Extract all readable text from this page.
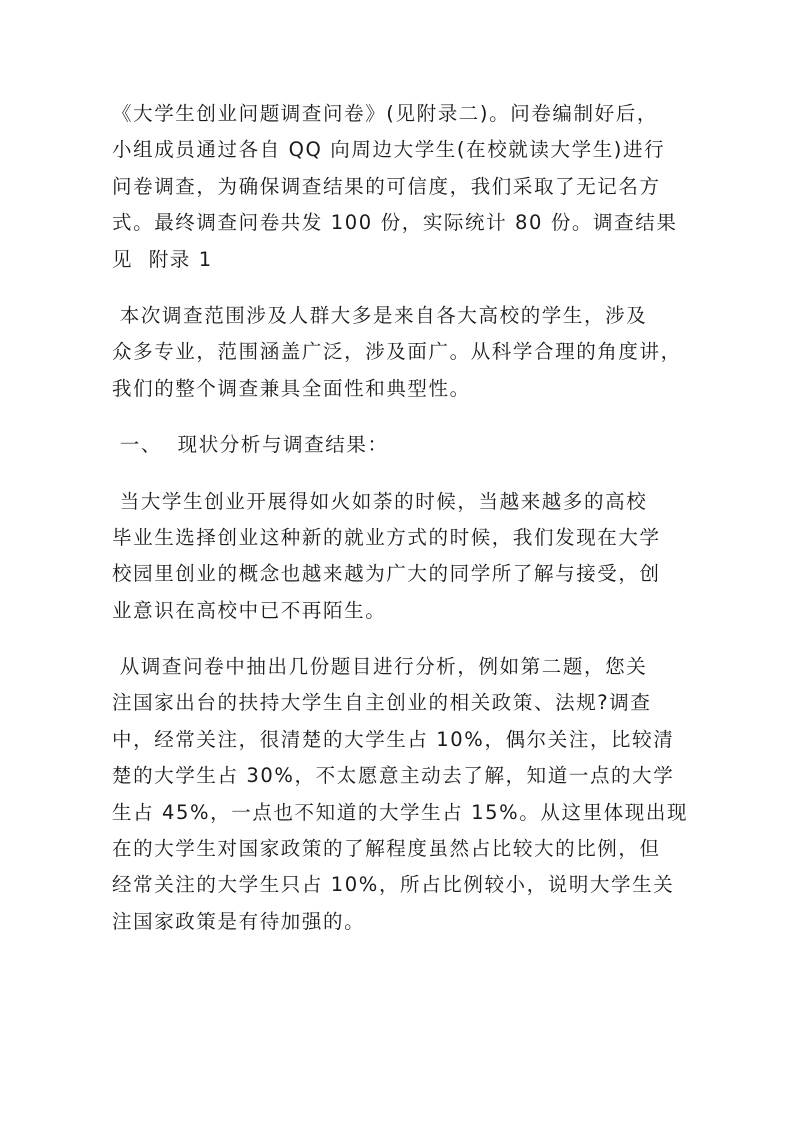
《大学生创业问题调查问卷》(见附录二)。问卷编制好后，
小组成员通过各自 QQ 向周边大学生(在校就读大学生)进行
问卷调查，为确保调查结果的可信度，我们采取了无记名方
式。最终调查问卷共发 100 份，实际统计 80 份。调查结果
见  附录 1
本次调查范围涉及人群大多是来自各大高校的学生，涉及
众多专业，范围涵盖广泛，涉及面广。从科学合理的角度讲，
我们的整个调查兼具全面性和典型性。
一、  现状分析与调查结果：
当大学生创业开展得如火如荼的时候，当越来越多的高校
毕业生选择创业这种新的就业方式的时候，我们发现在大学
校园里创业的概念也越来越为广大的同学所了解与接受，创
业意识在高校中已不再陌生。
从调查问卷中抽出几份题目进行分析，例如第二题，您关
注国家出台的扶持大学生自主创业的相关政策、法规?调查
中，经常关注，很清楚的大学生占 10%，偶尔关注，比较清
楚的大学生占 30%，不太愿意主动去了解，知道一点的大学
生占 45%，一点也不知道的大学生占 15%。从这里体现出现
在的大学生对国家政策的了解程度虽然占比较大的比例，但
经常关注的大学生只占 10%，所占比例较小，说明大学生关
注国家政策是有待加强的。
